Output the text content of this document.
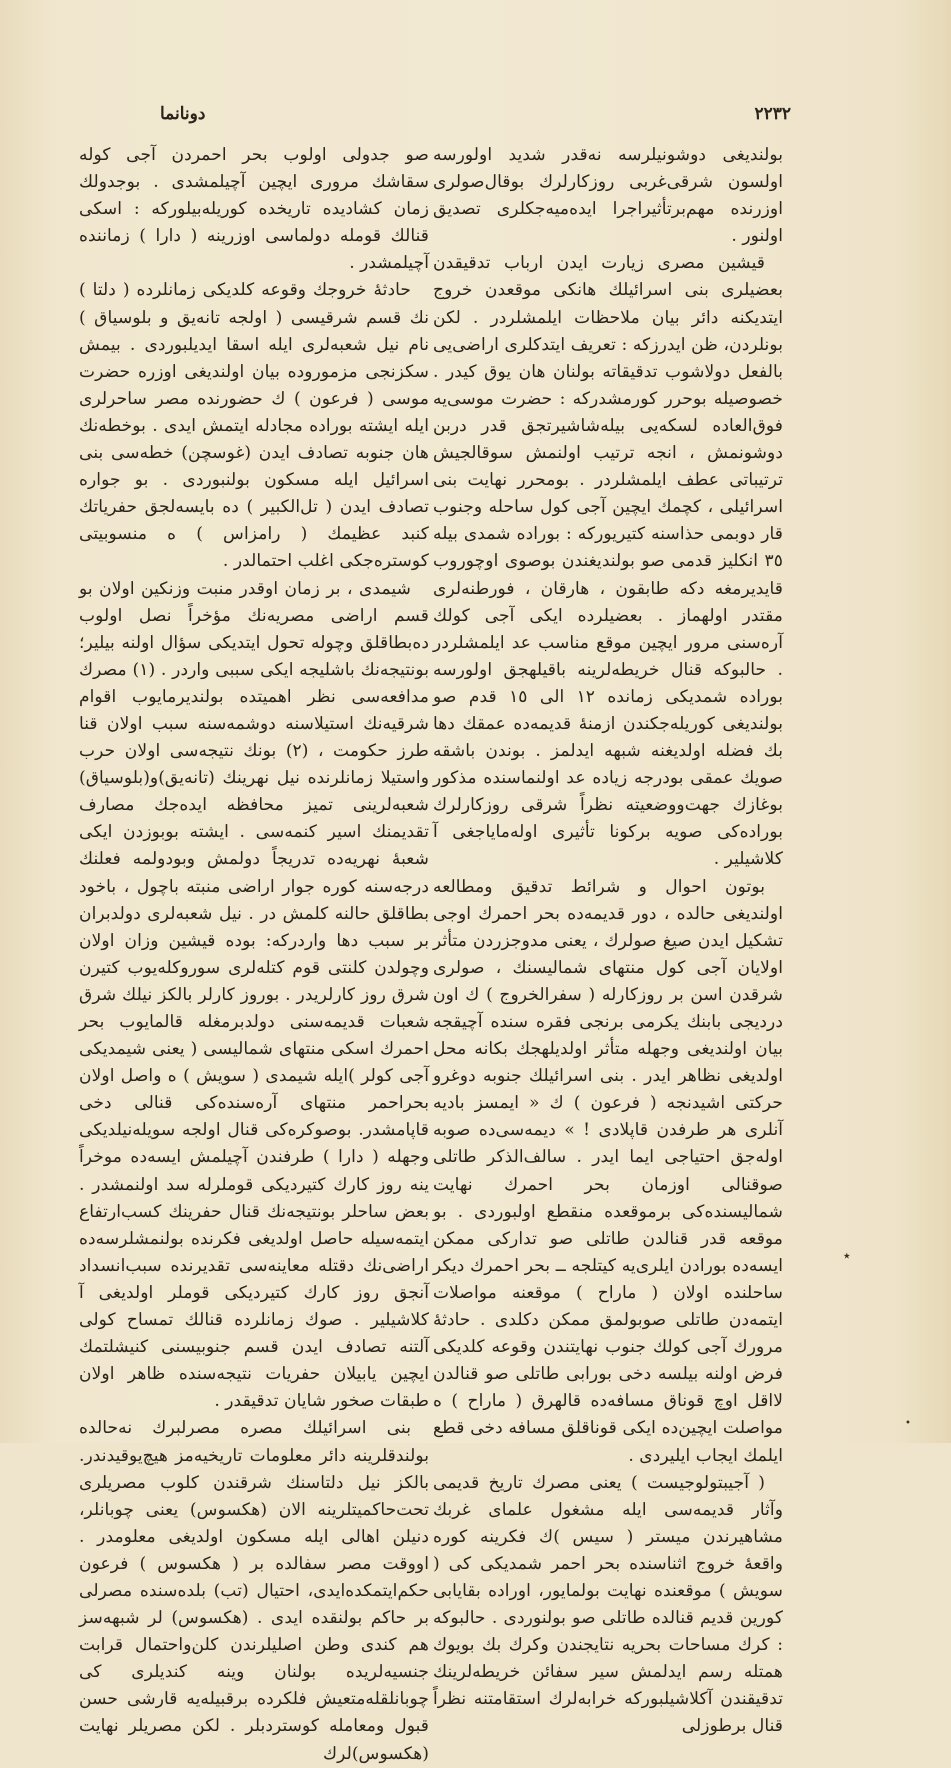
٢٢٣٢
دونانما

بولنديغى دوشونيلرسه نه‌قدر شديد اولورسه اولسون شرقى‌غربى روزكارلرك بوقال‌صولرى اوزرنده مهم‌برتأثيراجرا ايده‌ميه‌جكلرى تصديق اولنور .

قيشين مصرى زيارت ايدن ارباب تدقيقدن بعضيلرى بنى اسرائيلك هانكى موقعدن خروج ايتديكنه دائر بيان ملاحظات ايلمشلردر . لكن بونلردن، ظن ايدرزكه : تعريف ايتدكلرى اراضى‌يى بالفعل دولاشوب تدقيقاته بولنان هان يوق كيدر . خصوصيله بوحرر كورمشدركه : حضرت موسى‌يه فوق‌العاده لسكه‌يى بيله‌شاشيرتجق قدر دربن دوشونمش ، انجه ترتيب اولنمش سوقالجيش ترتيباتى عطف ايلمشلردر . بومحرر نهايت بنى اسرائيلى ، كچمك ايچين آجى كول ساحله وجنوب قار دوبمى حذاسنه كتيريوركه : بوراده شمدى بيله ٣٥ انكليز قدمى صو بولنديغندن بوصوى اوچوروب قايديرمغه دكه طابقون ، هارقان ، فورطنه‌لرى مقتدر اولهماز . بعضيلرده ايكى آجى كولك آره‌سنى مرور ايچين موقع مناسب عد ايلمشلردر . حالبوكه قنال خريطه‌لرينه باقيلهجق اولورسه بوراده شمديكى زمانده ١٢ الى ١٥ قدم صو بولنديغى كوريله‌جكندن ازمنهٔ قديمه‌ده عمقك دها بك فضله اولديغنه شبهه ايدلمز . بوندن باشقه صويك عمقى بودرجه زياده عد اولنماسنده مذكور بوغازك جهت‌ووضعيته نظراً شرقى روزكارلرك بوراده‌كى صويه بركونا تأثيرى اوله‌ماياجغى آ كلاشيلير .

بوتون احوال و شرائط تدقيق ومطالعه اولنديغى حالده ، دور قديمه‌ده بحر احمرك اوجى تشكيل ايدن صيغ صولرك ، يعنى مدوجزردن متأثر اولايان آجى كول منتهاى شماليسنك ، صولرى شرقدن اسن بر روزكارله ( سفرالخروج ) ك اون درديجى بابنك يكرمى برنجى فقره سنده آچيقجه بيان اولنديغى وجهله متأثر اولديلهجك بكانه محل اولديغى نظاهر ايدر . بنى اسرائيلك جنوبه دوغرو حركتى اشيدنجه ( فرعون ) ك « ايمسز باديه آنلرى هر طرفدن قاپلادى ! » ديمه‌سى‌ده صوبه اوله‌جق احتياجى ايما ايدر . سالف‌الذكر طاتلى صوقنالى اوزمان بحر احمرك نهايت شماليسنده‌كى برموقعده منقطع اولبوردى . بو موقعه قدر قنالدن طاتلى صو تداركى ممكن ايسه‌ده بورادن ايلرى‌يه كيتلجه ــ بحر احمرك ديكر ساحلنده اولان ( ماراح ) موقعنه مواصلات ايتمه‌دن طاتلى صوبولمق ممكن دكلدى . حادثهٔ مرورك آجى كولك جنوب نهايتندن وقوعه كلديكى فرض اولنه بيلسه دخى بورابى طاتلى صو قنالدن لااقل اوچ قوناق مسافه‌ده قالهرق ( ماراح ) ه مواصلت ايچين‌ده ايكى قوناقلق مسافه دخى قطع ايلمك ايجاب ايليردى .

( آجيبتولوجيست ) يعنى مصرك تاريخ قديمى وآثار قديمه‌سى ايله مشغول علماى غربك مشاهيرندن ميستر ( سيس )ك فكرينه كوره واقعهٔ خروج اثناسنده بحر احمر شمديكى كى ( سويش ) موقعنده نهايت بولمايور، اوراده بقايابى كورين قديم قنالده طاتلى صو بولنوردى . حالبوكه : كرك مساحات بحريه نتايجندن وكرك بك بويوك همتله رسم ايدلمش سير سفائن خريطه‌لرينك تدقيقندن آكلاشيلبوركه خرابه‌لرك استقامتنه نظراً قنال برطوزلى

صو جدولى اولوب بحر احمردن آجى كوله سقاشك مرورى ايچين آچيلمشدى . بوجدولك زمان كشاديده تاريخده كوريله‌بيلوركه : اسكى قنالك قومله دولماسى اوزرينه ( دارا ) زماننده آچيلمشدر .

حادثهٔ خروجك وقوعه كلديكى زمانلرده ( دلتا ) نك قسم شرقيسى ( اولجه تانه‌يق و بلوسياق ) نام نيل شعبه‌لرى ايله اسقا ايديلبوردى . بيمش سكزنجى مزموروده بيان اولنديغى اوزره حضرت موسى ( فرعون ) ك حضورنده مصر ساحرلرى ايله ايشته بوراده مجادله ايتمش ايدى . بوخطه‌نك هان جنوبه تصادف ايدن (غوسچن) خطه‌سى بنى اسرائيل ايله مسكون بولنبوردى . بو جواره تصادف ايدن ( تل‌الكبير ) ده بايسه‌لجق حفرياتك كنبد عظيمك ( رامزاس ) ه منسوبيتى كوستره‌جكى اغلب احتمالدر .

شيمدى ، بر زمان اوقدر منبت وزنكين اولان بو قسم اراضى مصريه‌نك مؤخراً نصل اولوب ده‌بطاقلق وچوله تحول ايتديكى سؤال اولنه بيلير؛ بونتيجه‌نك باشليجه ايكى سببى واردر . (١) مصرك مدافعه‌سى نظر اهميتده بولنديرمايوب اقوام شرقيه‌نك استيلاسنه دوشمه‌سنه سبب اولان قنا طرز حكومت ، (٢) بونك نتيجه‌سى اولان حرب واستيلا زمانلرنده نيل نهرينك (تانه‌يق)و(بلوسياق) شعبه‌لرينى تميز محافظه ايده‌جك مصارف تقديمنك اسير كنمه‌سى . ايشته بوبوزدن ايكى شعبهٔ نهريه‌ده تدريجاً دولمش وبودولمه فعلنك درجه‌سنه كوره جوار اراضى منبته باچول ، باخود بطاقلق حالنه كلمش در . نيل شعبه‌لرى دولدبران بر سبب دها واردركه: بوده قيشين وزان اولان وچولدن كلنتى قوم كتله‌لرى سوروكله‌يوب كتيرن شرق روز كارلريدر . بوروز كارلر بالكز نيلك شرق شعبات قديمه‌سنى دولدبرمغله قالمايوب بحر احمرك اسكى منتهاى شماليسى ( يعنى شيمديكى آجى كولر )ايله شيمدى ( سويش ) ه واصل اولان بحراحمر منتهاى آره‌سنده‌كى قنالى دخى قاپامشدر. بوصوكره‌كى قنال اولجه سويله‌نيلديكى وجهله ( دارا ) طرفندن آچيلمش ايسه‌ده موخراً ينه روز كارك كتيرديكى قوملرله سد اولنمشدر . بعض ساحلر بونتيجه‌نك قنال حفرينك كسب‌ارتفاع ايتمه‌سيله حاصل اولديغى فكرنده بولنمشلرسه‌ده اراضى‌نك دقتله معاينه‌سى تقديرنده سبب‌انسداد آنجق روز كارك كتيرديكى قوملر اولديغى آ كلاشيلير . صوك زمانلرده قنالك تمساح كولى آلتنه تصادف ايدن قسم جنوبيسنى كنيشلتمك ايچين يابيلان حفريات نتيجه‌سنده ظاهر اولان طبقات صخور شايان تدقيقدر .

بنى اسرائيلك مصره مصرلبرك نه‌حالده بولندقلرينه دائر معلومات تاريخيه‌مز هيچ‌يوقيدندر. بالكز نيل دلتاسنك شرقندن كلوب مصريلرى تحت‌حاكميتلرينه الان (هكسوس) يعنى چوبانلر، دنيلن اهالى ايله مسكون اولديغى معلومدر . اووقت مصر سفالده بر ( هكسوس ) فرعون حكم‌ايتمكده‌ايدى، احتيال (تب) بلده‌سنده مصرلى بر حاكم بولنقده ايدى . (هكسوس) لر شبهه‌سز هم كندى وطن اصليلرندن كلن‌واحتمال قرابت جنسيه‌لريده بولنان وينه كنديلرى كى چوبانلقله‌متعيش فلكرده برقبيله‌يه قارشى حسن قبول ومعامله كوستردبلر . لكن مصريلر نهايت (هكسوس)لرك

٭
•
